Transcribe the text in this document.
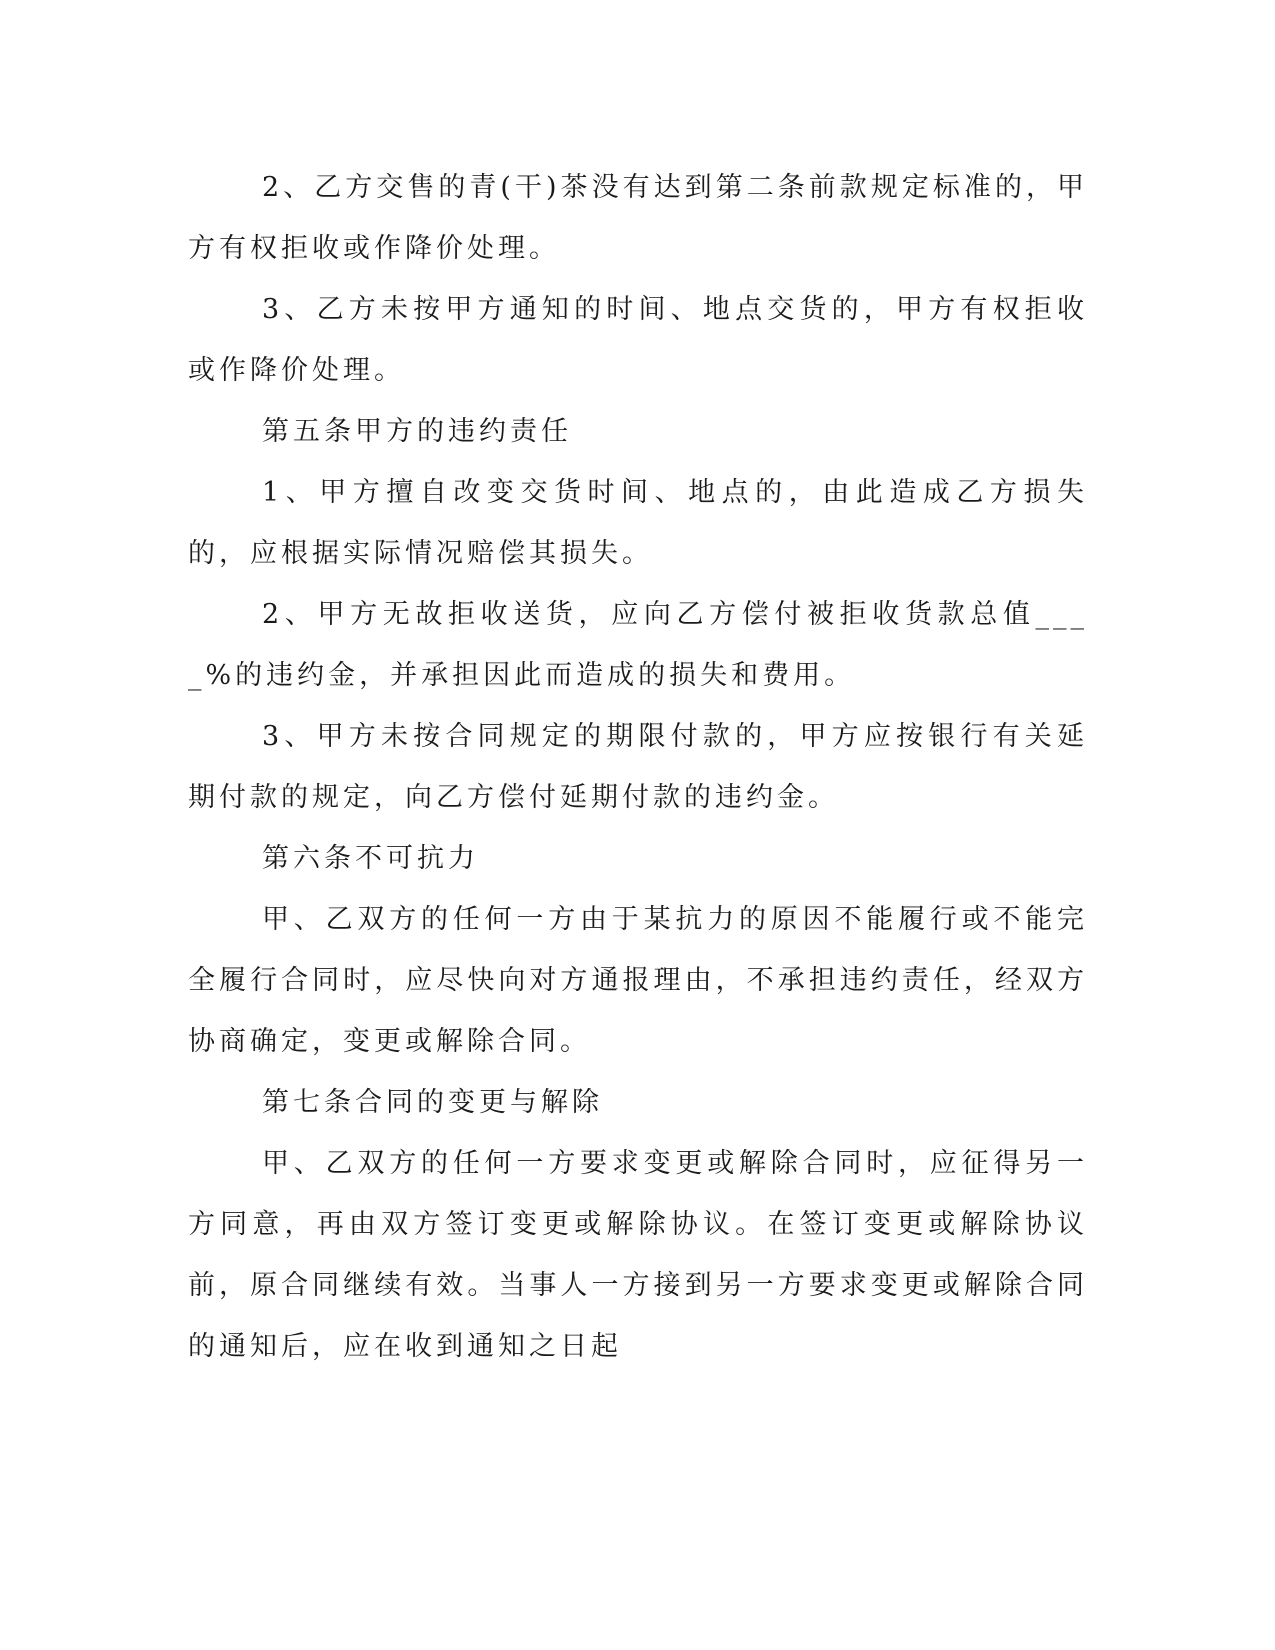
2、乙方交售的青(干)茶没有达到第二条前款规定标准的，甲方有权拒收或作降价处理。

3、乙方未按甲方通知的时间、地点交货的，甲方有权拒收或作降价处理。

第五条甲方的违约责任

1、甲方擅自改变交货时间、地点的，由此造成乙方损失的，应根据实际情况赔偿其损失。

2、甲方无故拒收送货，应向乙方偿付被拒收货款总值____%的违约金，并承担因此而造成的损失和费用。

3、甲方未按合同规定的期限付款的，甲方应按银行有关延期付款的规定，向乙方偿付延期付款的违约金。

第六条不可抗力

甲、乙双方的任何一方由于某抗力的原因不能履行或不能完全履行合同时，应尽快向对方通报理由，不承担违约责任，经双方协商确定，变更或解除合同。

第七条合同的变更与解除

甲、乙双方的任何一方要求变更或解除合同时，应征得另一方同意，再由双方签订变更或解除协议。在签订变更或解除协议前，原合同继续有效。当事人一方接到另一方要求变更或解除合同的通知后，应在收到通知之日起
